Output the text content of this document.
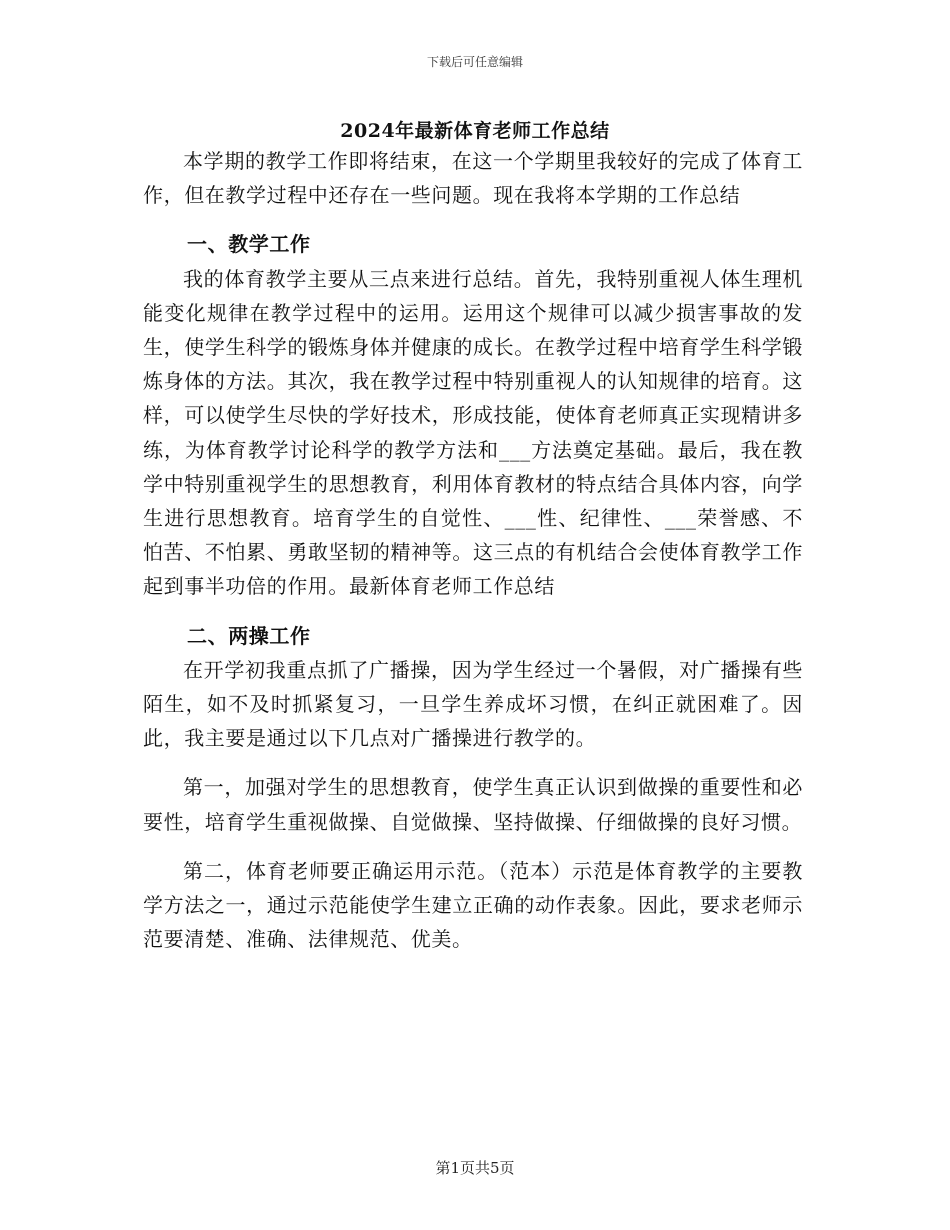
下载后可任意编辑
2024年最新体育老师工作总结

本学期的教学工作即将结束，在这一个学期里我较好的完成了体育工作，但在教学过程中还存在一些问题。现在我将本学期的工作总结

一、教学工作

我的体育教学主要从三点来进行总结。首先，我特别重视人体生理机能变化规律在教学过程中的运用。运用这个规律可以减少损害事故的发生，使学生科学的锻炼身体并健康的成长。在教学过程中培育学生科学锻炼身体的方法。其次，我在教学过程中特别重视人的认知规律的培育。这样，可以使学生尽快的学好技术，形成技能，使体育老师真正实现精讲多练，为体育教学讨论科学的教学方法和___方法奠定基础。最后，我在教学中特别重视学生的思想教育，利用体育教材的特点结合具体内容，向学生进行思想教育。培育学生的自觉性、___性、纪律性、___荣誉感、不怕苦、不怕累、勇敢坚韧的精神等。这三点的有机结合会使体育教学工作起到事半功倍的作用。最新体育老师工作总结

二、两操工作

在开学初我重点抓了广播操，因为学生经过一个暑假，对广播操有些陌生，如不及时抓紧复习，一旦学生养成坏习惯，在纠正就困难了。因此，我主要是通过以下几点对广播操进行教学的。

第一，加强对学生的思想教育，使学生真正认识到做操的重要性和必要性，培育学生重视做操、自觉做操、坚持做操、仔细做操的良好习惯。

第二，体育老师要正确运用示范。（范本）示范是体育教学的主要教学方法之一，通过示范能使学生建立正确的动作表象。因此，要求老师示范要清楚、准确、法律规范、优美。

第1页共5页
